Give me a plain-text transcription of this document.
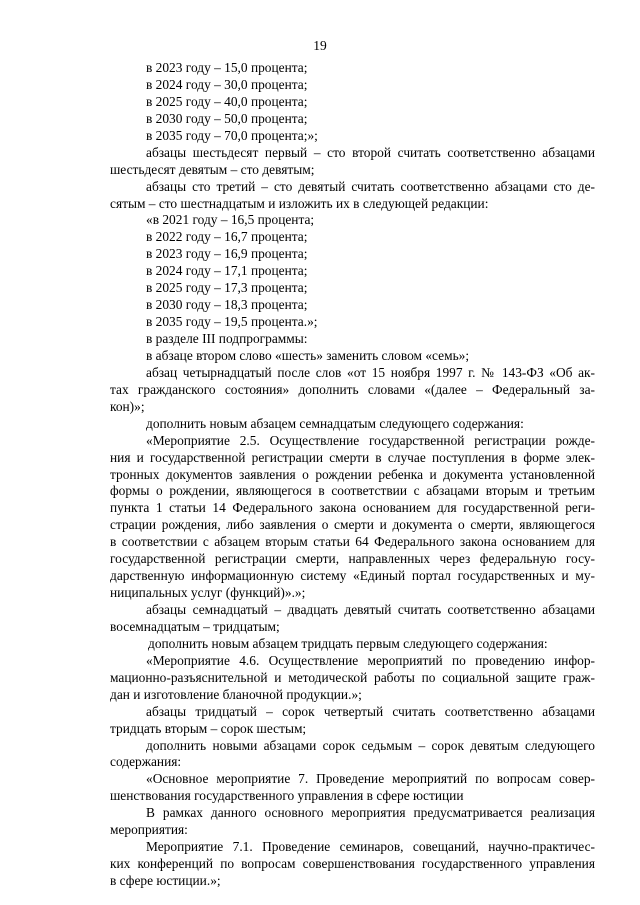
19
в 2023 году – 15,0 процента;
в 2024 году – 30,0 процента;
в 2025 году – 40,0 процента;
в 2030 году – 50,0 процента;
в 2035 году – 70,0 процента;»;
абзацы шестьдесят первый – сто второй считать соответственно абзацами
шестьдесят девятым – сто девятым;
абзацы сто третий – сто девятый считать соответственно абзацами сто де-
сятым – сто шестнадцатым и изложить их в следующей редакции:
«в 2021 году – 16,5 процента;
в 2022 году – 16,7 процента;
в 2023 году – 16,9 процента;
в 2024 году – 17,1 процента;
в 2025 году – 17,3 процента;
в 2030 году – 18,3 процента;
в 2035 году – 19,5 процента.»;
в разделе III подпрограммы:
в абзаце втором слово «шесть» заменить словом «семь»;
абзац четырнадцатый после слов «от 15 ноября 1997 г. № 143-ФЗ «Об ак-
тах гражданского состояния» дополнить словами «(далее – Федеральный за-
кон)»;
дополнить новым абзацем семнадцатым следующего содержания:
«Мероприятие 2.5. Осуществление государственной регистрации рожде-
ния и государственной регистрации смерти в случае поступления в форме элек-
тронных документов заявления о рождении ребенка и документа установленной
формы о рождении, являющегося в соответствии с абзацами вторым и третьим
пункта 1 статьи 14 Федерального закона основанием для государственной реги-
страции рождения, либо заявления о смерти и документа о смерти, являющегося
в соответствии с абзацем вторым статьи 64 Федерального закона основанием для
государственной регистрации смерти, направленных через федеральную госу-
дарственную информационную систему «Единый портал государственных и му-
ниципальных услуг (функций)».»;
абзацы семнадцатый – двадцать девятый считать соответственно абзацами
восемнадцатым – тридцатым;
дополнить новым абзацем тридцать первым следующего содержания:
«Мероприятие 4.6. Осуществление мероприятий по проведению инфор-
мационно-разъяснительной и методической работы по социальной защите граж-
дан и изготовление бланочной продукции.»;
абзацы тридцатый – сорок четвертый считать соответственно абзацами
тридцать вторым – сорок шестым;
дополнить новыми абзацами сорок седьмым – сорок девятым следующего
содержания:
«Основное мероприятие 7. Проведение мероприятий по вопросам совер-
шенствования государственного управления в сфере юстиции
В рамках данного основного мероприятия предусматривается реализация
мероприятия:
Мероприятие 7.1. Проведение семинаров, совещаний, научно-практичес-
ких конференций по вопросам совершенствования государственного управления
в сфере юстиции.»;
